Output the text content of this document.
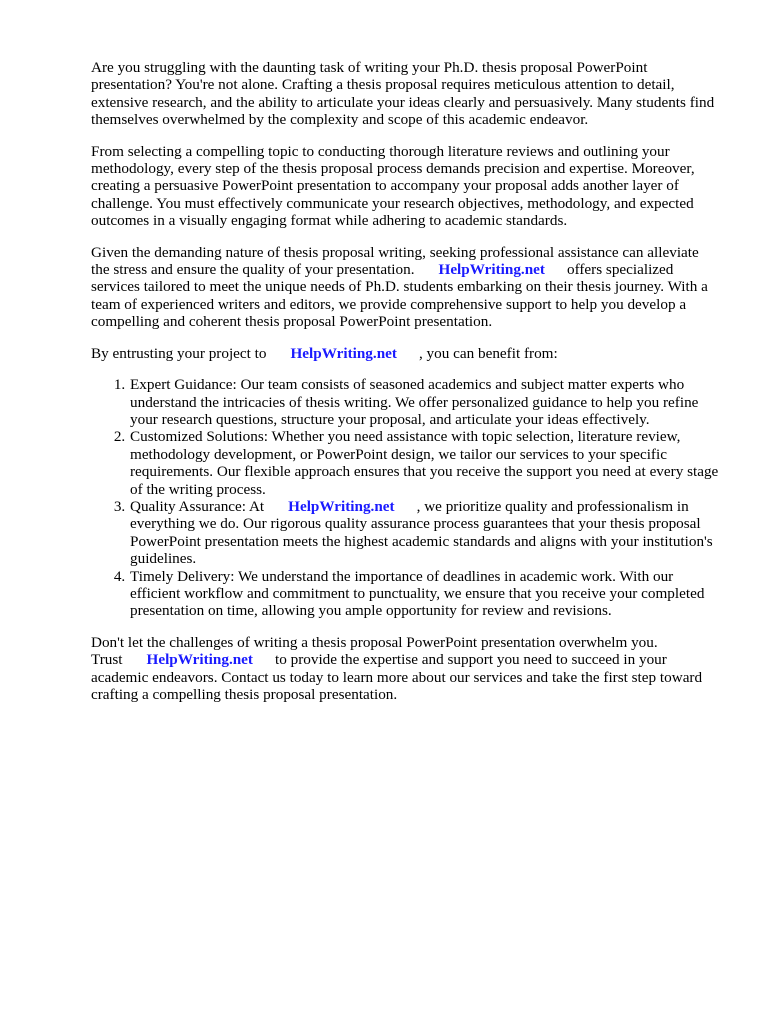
Are you struggling with the daunting task of writing your Ph.D. thesis proposal PowerPoint presentation? You're not alone. Crafting a thesis proposal requires meticulous attention to detail, extensive research, and the ability to articulate your ideas clearly and persuasively. Many students find themselves overwhelmed by the complexity and scope of this academic endeavor.

From selecting a compelling topic to conducting thorough literature reviews and outlining your methodology, every step of the thesis proposal process demands precision and expertise. Moreover, creating a persuasive PowerPoint presentation to accompany your proposal adds another layer of challenge. You must effectively communicate your research objectives, methodology, and expected outcomes in a visually engaging format while adhering to academic standards.

Given the demanding nature of thesis proposal writing, seeking professional assistance can alleviate the stress and ensure the quality of your presentation. HelpWriting.net offers specialized services tailored to meet the unique needs of Ph.D. students embarking on their thesis journey. With a team of experienced writers and editors, we provide comprehensive support to help you develop a compelling and coherent thesis proposal PowerPoint presentation.

By entrusting your project to HelpWriting.net , you can benefit from:

1. Expert Guidance: Our team consists of seasoned academics and subject matter experts who understand the intricacies of thesis writing. We offer personalized guidance to help you refine your research questions, structure your proposal, and articulate your ideas effectively.
2. Customized Solutions: Whether you need assistance with topic selection, literature review, methodology development, or PowerPoint design, we tailor our services to your specific requirements. Our flexible approach ensures that you receive the support you need at every stage of the writing process.
3. Quality Assurance: At HelpWriting.net , we prioritize quality and professionalism in everything we do. Our rigorous quality assurance process guarantees that your thesis proposal PowerPoint presentation meets the highest academic standards and aligns with your institution's guidelines.
4. Timely Delivery: We understand the importance of deadlines in academic work. With our efficient workflow and commitment to punctuality, we ensure that you receive your completed presentation on time, allowing you ample opportunity for review and revisions.

Don't let the challenges of writing a thesis proposal PowerPoint presentation overwhelm you. Trust HelpWriting.net to provide the expertise and support you need to succeed in your academic endeavors. Contact us today to learn more about our services and take the first step toward crafting a compelling thesis proposal presentation.
